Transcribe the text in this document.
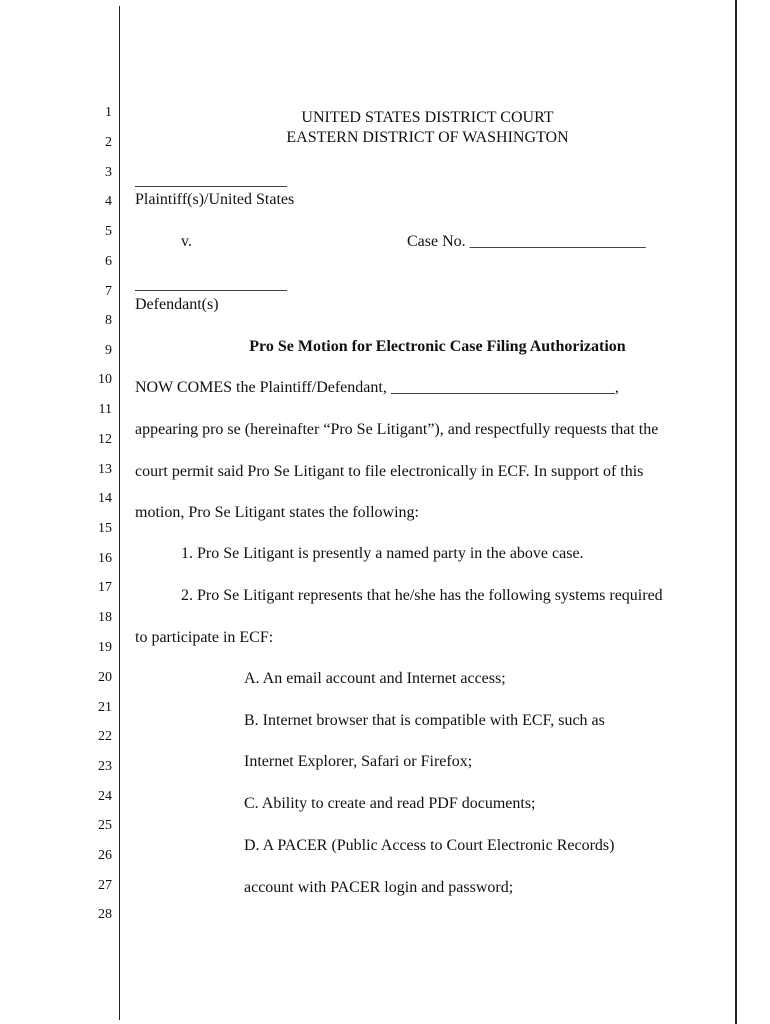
1
2
3
4
5
6
7
8
9
10
11
12
13
14
15
16
17
18
19
20
21
22
23
24
25
26
27
28
UNITED STATES DISTRICT COURT
EASTERN DISTRICT OF WASHINGTON
___________________
Plaintiff(s)/United States
v.	Case No. ______________________
___________________
Defendant(s)
Pro Se Motion for Electronic Case Filing Authorization
NOW COMES the Plaintiff/Defendant, ____________________________,
appearing pro se (hereinafter “Pro Se Litigant”), and respectfully requests that the
court permit said Pro Se Litigant to file electronically in ECF. In support of this
motion, Pro Se Litigant states the following:
1. Pro Se Litigant is presently a named party in the above case.
2. Pro Se Litigant represents that he/she has the following systems required
to participate in ECF:
A. An email account and Internet access;
B. Internet browser that is compatible with ECF, such as
Internet Explorer, Safari or Firefox;
C. Ability to create and read PDF documents;
D. A PACER (Public Access to Court Electronic Records)
account with PACER login and password;
